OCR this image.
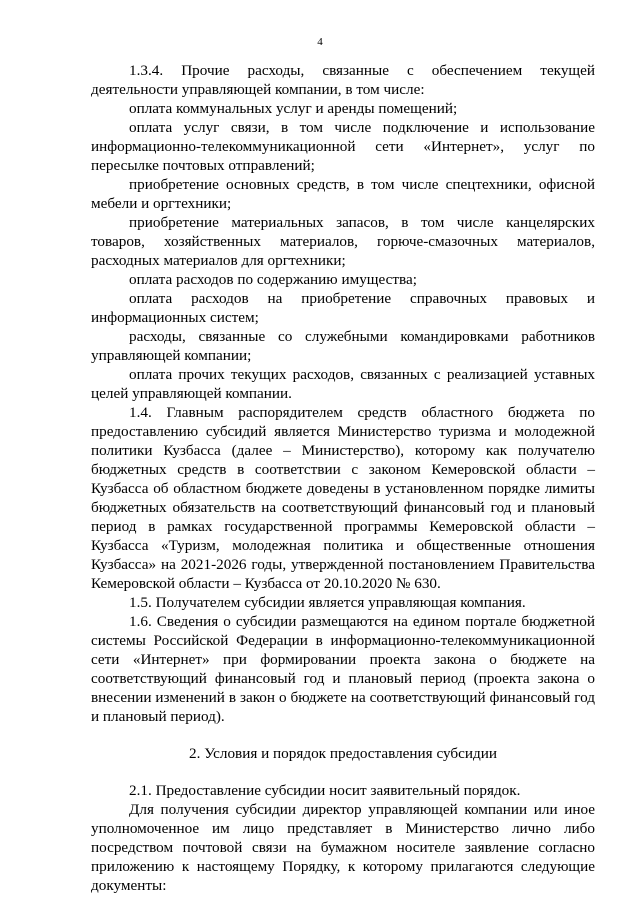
4

1.3.4. Прочие расходы, связанные с обеспечением текущей деятельности управляющей компании, в том числе:

оплата коммунальных услуг и аренды помещений;

оплата услуг связи, в том числе подключение и использование информационно-телекоммуникационной сети «Интернет», услуг по пересылке почтовых отправлений;

приобретение основных средств, в том числе спецтехники, офисной мебели и оргтехники;

приобретение материальных запасов, в том числе канцелярских товаров, хозяйственных материалов, горюче-смазочных материалов, расходных материалов для оргтехники;

оплата расходов по содержанию имущества;

оплата расходов на приобретение справочных правовых и информационных систем;

расходы, связанные со служебными командировками работников управляющей компании;

оплата прочих текущих расходов, связанных с реализацией уставных целей управляющей компании.

1.4. Главным распорядителем средств областного бюджета по предоставлению субсидий является Министерство туризма и молодежной политики Кузбасса (далее – Министерство), которому как получателю бюджетных средств в соответствии с законом Кемеровской области – Кузбасса об областном бюджете доведены в установленном порядке лимиты бюджетных обязательств на соответствующий финансовый год и плановый период в рамках государственной программы Кемеровской области – Кузбасса «Туризм, молодежная политика и общественные отношения Кузбасса» на 2021-2026 годы, утвержденной постановлением Правительства Кемеровской области – Кузбасса от 20.10.2020 № 630.

1.5. Получателем субсидии является управляющая компания.

1.6. Сведения о субсидии размещаются на едином портале бюджетной системы Российской Федерации в информационно-телекоммуникационной сети «Интернет» при формировании проекта закона о бюджете на соответствующий финансовый год и плановый период (проекта закона о внесении изменений в закон о бюджете на соответствующий финансовый год и плановый период).

2. Условия и порядок предоставления субсидии

2.1. Предоставление субсидии носит заявительный порядок.

Для получения субсидии директор управляющей компании или иное уполномоченное им лицо представляет в Министерство лично либо посредством почтовой связи на бумажном носителе заявление согласно приложению к настоящему Порядку, к которому прилагаются следующие документы:
